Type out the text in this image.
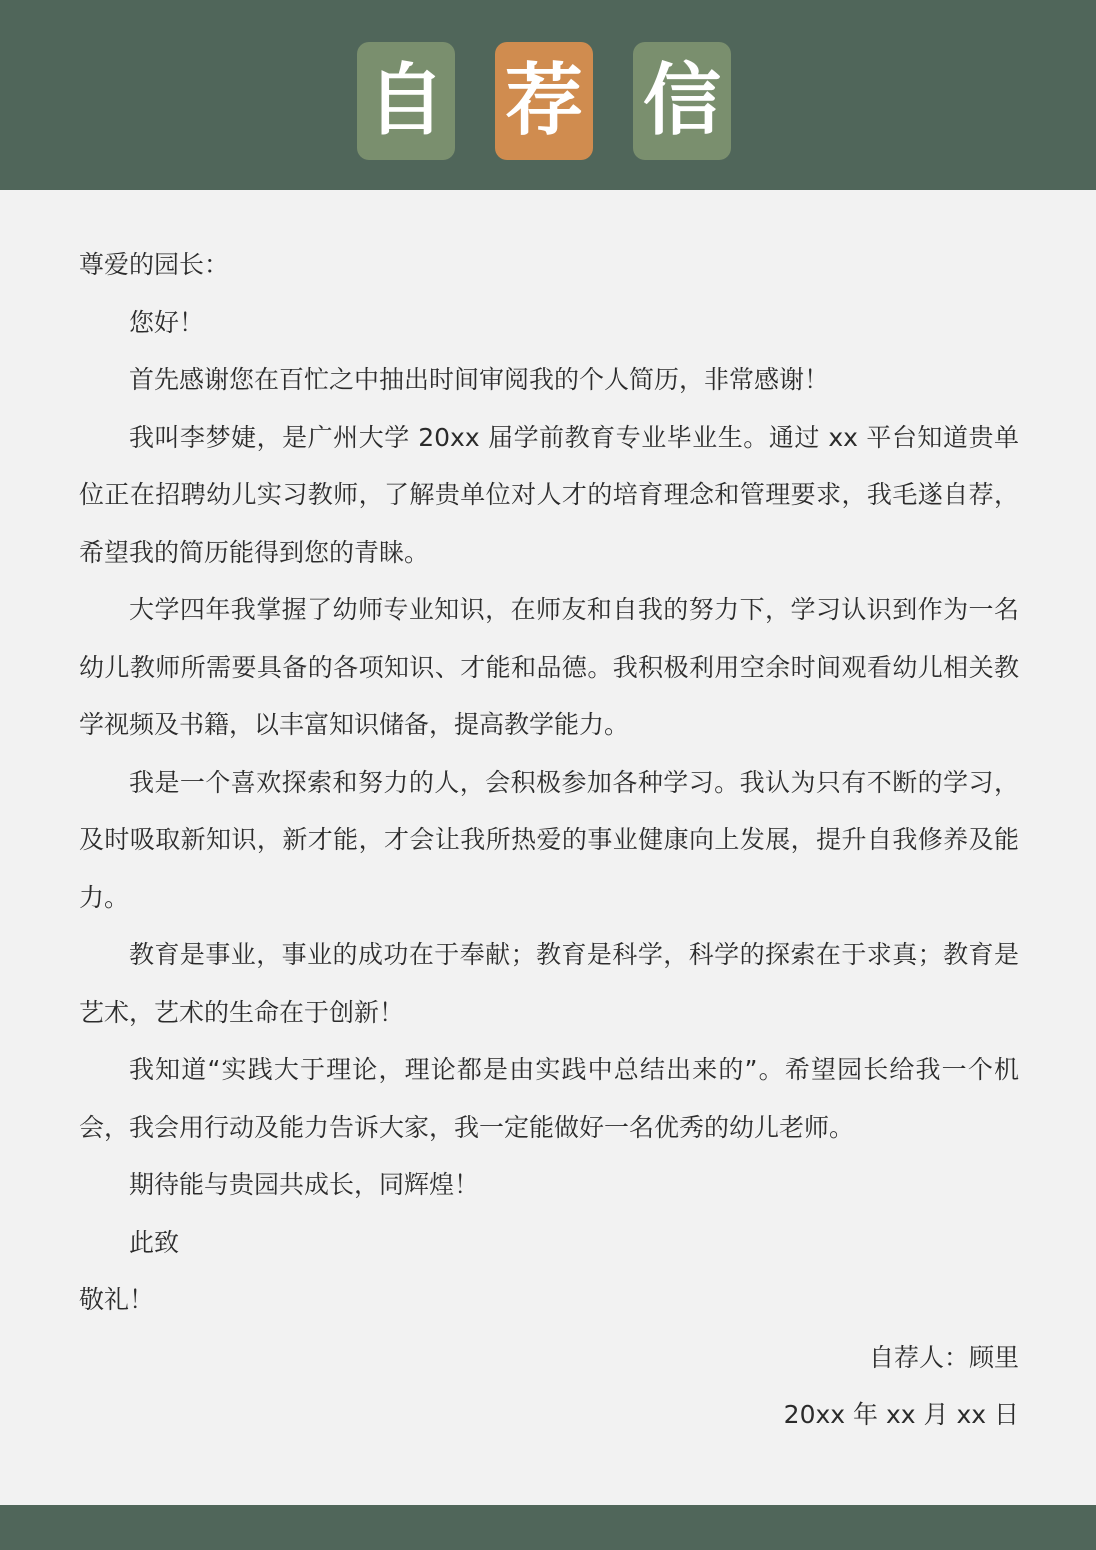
自 荐 信

尊爱的园长：

您好！

首先感谢您在百忙之中抽出时间审阅我的个人简历，非常感谢！

我叫李梦婕，是广州大学 20xx 届学前教育专业毕业生。通过 xx 平台知道贵单位正在招聘幼儿实习教师，了解贵单位对人才的培育理念和管理要求，我毛遂自荐，希望我的简历能得到您的青睐。

大学四年我掌握了幼师专业知识，在师友和自我的努力下，学习认识到作为一名幼儿教师所需要具备的各项知识、才能和品德。我积极利用空余时间观看幼儿相关教学视频及书籍，以丰富知识储备，提高教学能力。

我是一个喜欢探索和努力的人，会积极参加各种学习。我认为只有不断的学习，及时吸取新知识，新才能，才会让我所热爱的事业健康向上发展，提升自我修养及能力。

教育是事业，事业的成功在于奉献；教育是科学，科学的探索在于求真；教育是艺术，艺术的生命在于创新！

我知道“实践大于理论，理论都是由实践中总结出来的”。希望园长给我一个机会，我会用行动及能力告诉大家，我一定能做好一名优秀的幼儿老师。

期待能与贵园共成长，同辉煌！

此致

敬礼！

自荐人：顾里

20xx 年 xx 月 xx 日
